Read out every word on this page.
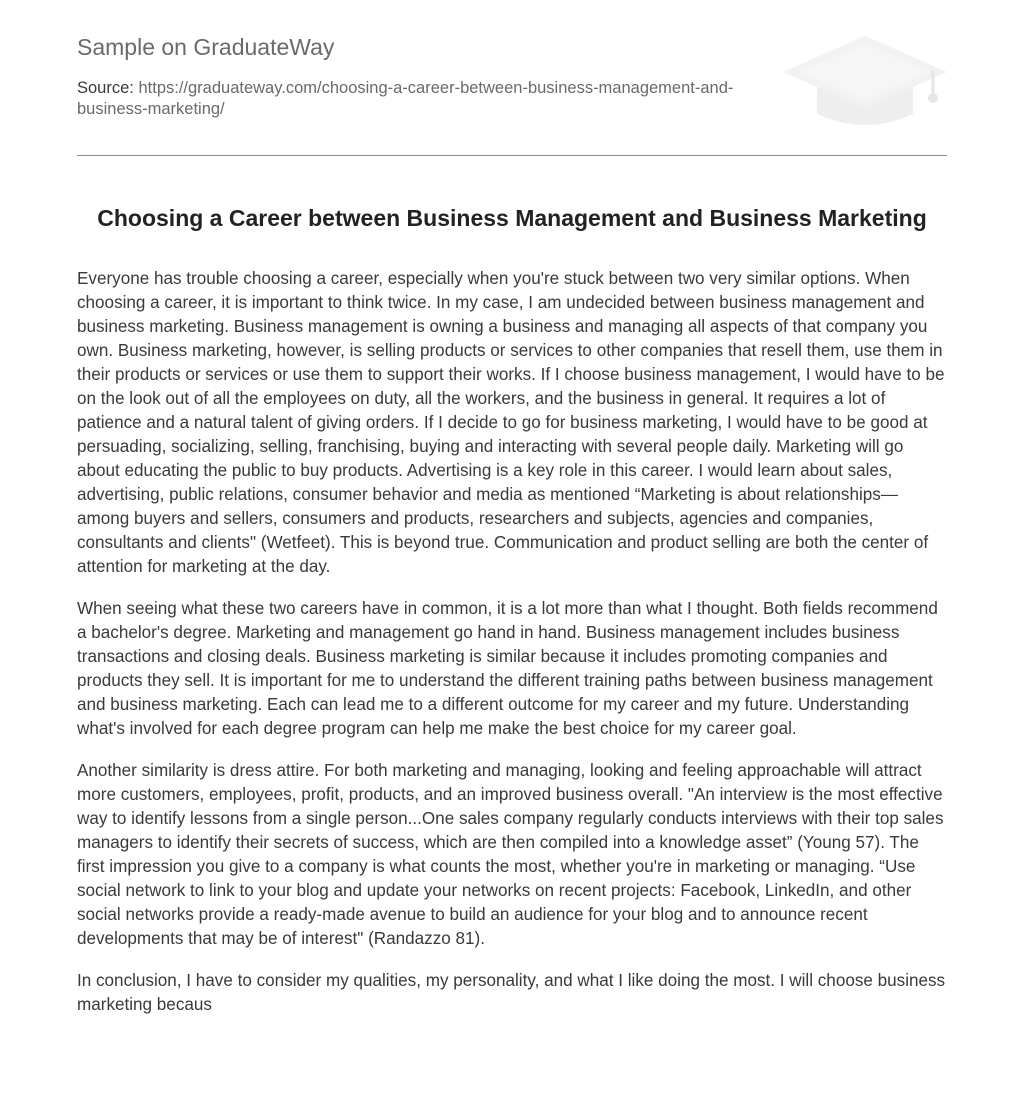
Sample on GraduateWay
Source: https://graduateway.com/choosing-a-career-between-business-management-and-business-marketing/
Choosing a Career between Business Management and Business Marketing

Everyone has trouble choosing a career, especially when you're stuck between two very similar options. When choosing a career, it is important to think twice. In my case, I am undecided between business management and business marketing. Business management is owning a business and managing all aspects of that company you own. Business marketing, however, is selling products or services to other companies that resell them, use them in their products or services or use them to support their works. If I choose business management, I would have to be on the look out of all the employees on duty, all the workers, and the business in general. It requires a lot of patience and a natural talent of giving orders. If I decide to go for business marketing, I would have to be good at persuading, socializing, selling, franchising, buying and interacting with several people daily. Marketing will go about educating the public to buy products. Advertising is a key role in this career. I would learn about sales, advertising, public relations, consumer behavior and media as mentioned “Marketing is about relationships—among buyers and sellers, consumers and products, researchers and subjects, agencies and companies, consultants and clients" (Wetfeet). This is beyond true. Communication and product selling are both the center of attention for marketing at the day.

When seeing what these two careers have in common, it is a lot more than what I thought. Both fields recommend a bachelor's degree. Marketing and management go hand in hand. Business management includes business transactions and closing deals. Business marketing is similar because it includes promoting companies and products they sell. It is important for me to understand the different training paths between business management and business marketing. Each can lead me to a different outcome for my career and my future. Understanding what's involved for each degree program can help me make the best choice for my career goal.

Another similarity is dress attire. For both marketing and managing, looking and feeling approachable will attract more customers, employees, profit, products, and an improved business overall. "An interview is the most effective way to identify lessons from a single person...One sales company regularly conducts interviews with their top sales managers to identify their secrets of success, which are then compiled into a knowledge asset” (Young 57). The first impression you give to a company is what counts the most, whether you're in marketing or managing. “Use social network to link to your blog and update your networks on recent projects: Facebook, LinkedIn, and other social networks provide a ready-made avenue to build an audience for your blog and to announce recent developments that may be of interest" (Randazzo 81).

In conclusion, I have to consider my qualities, my personality, and what I like doing the most. I will choose business marketing becaus
